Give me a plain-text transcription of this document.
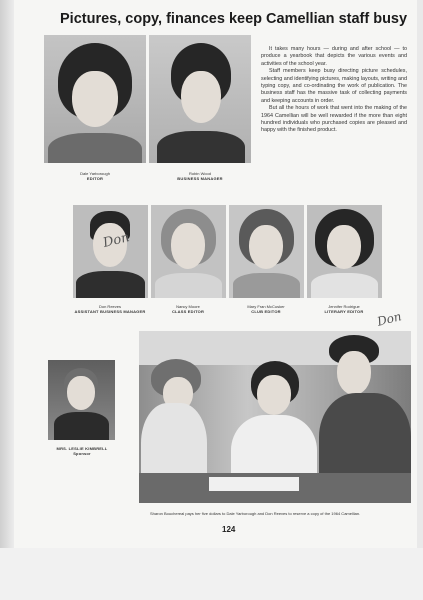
Pictures, copy, finances keep Camellian staff busy
Dale Yarborough
EDITOR
Robin Wood
BUSINESS MANAGER

It takes many hours — during and after school — to produce a yearbook that depicts the various events and activities of the school year.

Staff members keep busy directing picture schedules, selecting and identifying pictures, making layouts, writing and typing copy, and co-ordinating the work of publication. The business staff has the massive task of collecting payments and keeping accounts in order.

But all the hours of work that went into the making of the 1964 Camellian will be well rewarded if the more than eight hundred individuals who purchased copies are pleased and happy with the finished product.

Don
Don Reeves
ASSISTANT BUSINESS MANAGER
Nancy Moore
CLASS EDITOR
Mary Fran McCusker
CLUB EDITOR
Jennifer Rodrigue
LITERARY EDITOR	Don
MRS. LESLIE KIMBRELL
Sponsor
Sharon Bouchereal pays her five dollars to Dale Yarborough and Don Reeves to reserve a copy of the 1964 Camellian.
124
